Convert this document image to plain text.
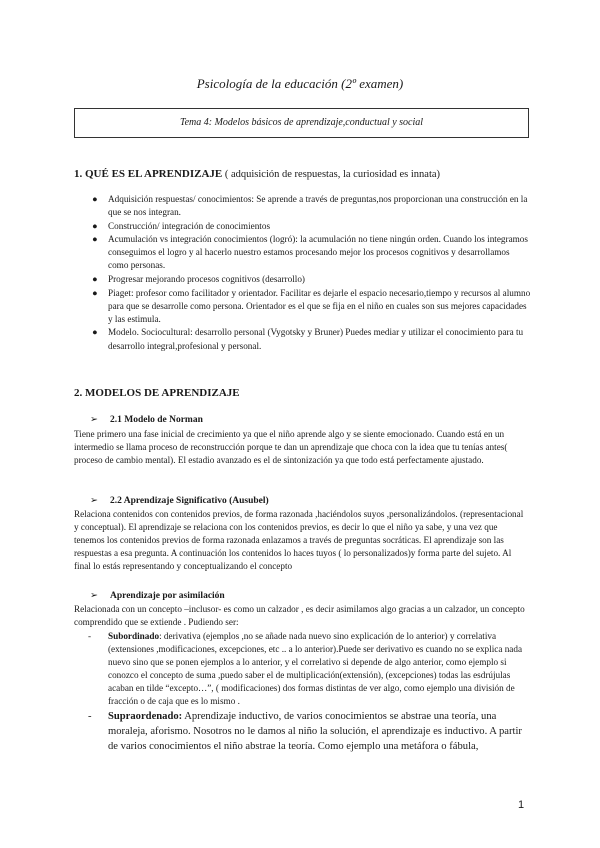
Psicología de la educación (2º examen)
Tema 4: Modelos básicos de aprendizaje,conductual y social
1. QUÉ ES EL APRENDIZAJE ( adquisición de respuestas, la curiosidad es innata)
● Adquisición respuestas/ conocimientos: Se aprende a través de preguntas,nos proporcionan una construcción en la que se nos integran.
● Construcción/ integración de conocimientos
● Acumulación vs integración conocimientos (logró): la acumulación no tiene ningún orden. Cuando los integramos conseguimos el logro y al hacerlo nuestro estamos procesando mejor los procesos cognitivos y desarrollamos como personas.
● Progresar mejorando procesos cognitivos (desarrollo)
● Piaget: profesor como facilitador y orientador. Facilitar es dejarle el espacio necesario,tiempo y recursos al alumno para que se desarrolle como persona. Orientador es el que se fija en el niño en cuales son sus mejores capacidades y las estimula.
● Modelo. Sociocultural: desarrollo personal (Vygotsky y Bruner) Puedes mediar y utilizar el conocimiento para tu desarrollo integral,profesional y personal.
2. MODELOS DE APRENDIZAJE
➢ 2.1 Modelo de Norman

Tiene primero una fase inicial de crecimiento ya que el niño aprende algo y se siente emocionado. Cuando está en un intermedio se llama proceso de reconstrucción porque te dan un aprendizaje que choca con la idea que tu tenías antes( proceso de cambio mental). El estadio avanzado es el de sintonización ya que todo está perfectamente ajustado.

➢ 2.2 Aprendizaje Significativo (Ausubel)

Relaciona contenidos con contenidos previos, de forma razonada ,haciéndolos suyos ,personalizándolos. (representacional y conceptual). El aprendizaje se relaciona con los contenidos previos, es decir lo que el niño ya sabe, y una vez que tenemos los contenidos previos de forma razonada enlazamos a través de preguntas socráticas. El aprendizaje son las respuestas a esa pregunta. A continuación los contenidos lo haces tuyos ( lo personalizados)y forma parte del sujeto. Al final lo estás representando y conceptualizando el concepto

➢ Aprendizaje por asimilación

Relacionada con un concepto –inclusor- es como un calzador , es decir asimilamos algo gracias a un calzador, un concepto comprendido que se extiende . Pudiendo ser:

- Subordinado: derivativa (ejemplos ,no se añade nada nuevo sino explicación de lo anterior) y correlativa (extensiones ,modificaciones, excepciones, etc .. a lo anterior).Puede ser derivativo es cuando no se explica nada nuevo sino que se ponen ejemplos a lo anterior, y el correlativo si depende de algo anterior, como ejemplo si conozco el concepto de suma ,puedo saber el de multiplicación(extensión), (excepciones) todas las esdrújulas acaban en tilde “excepto…”, ( modificaciones) dos formas distintas de ver algo, como ejemplo una división de fracción o de caja que es lo mismo .
- Supraordenado: Aprendizaje inductivo, de varios conocimientos se abstrae una teoría, una moraleja, aforismo. Nosotros no le damos al niño la solución, el aprendizaje es inductivo. A partir de varios conocimientos el niño abstrae la teoría. Como ejemplo una metáfora o fábula,
1
